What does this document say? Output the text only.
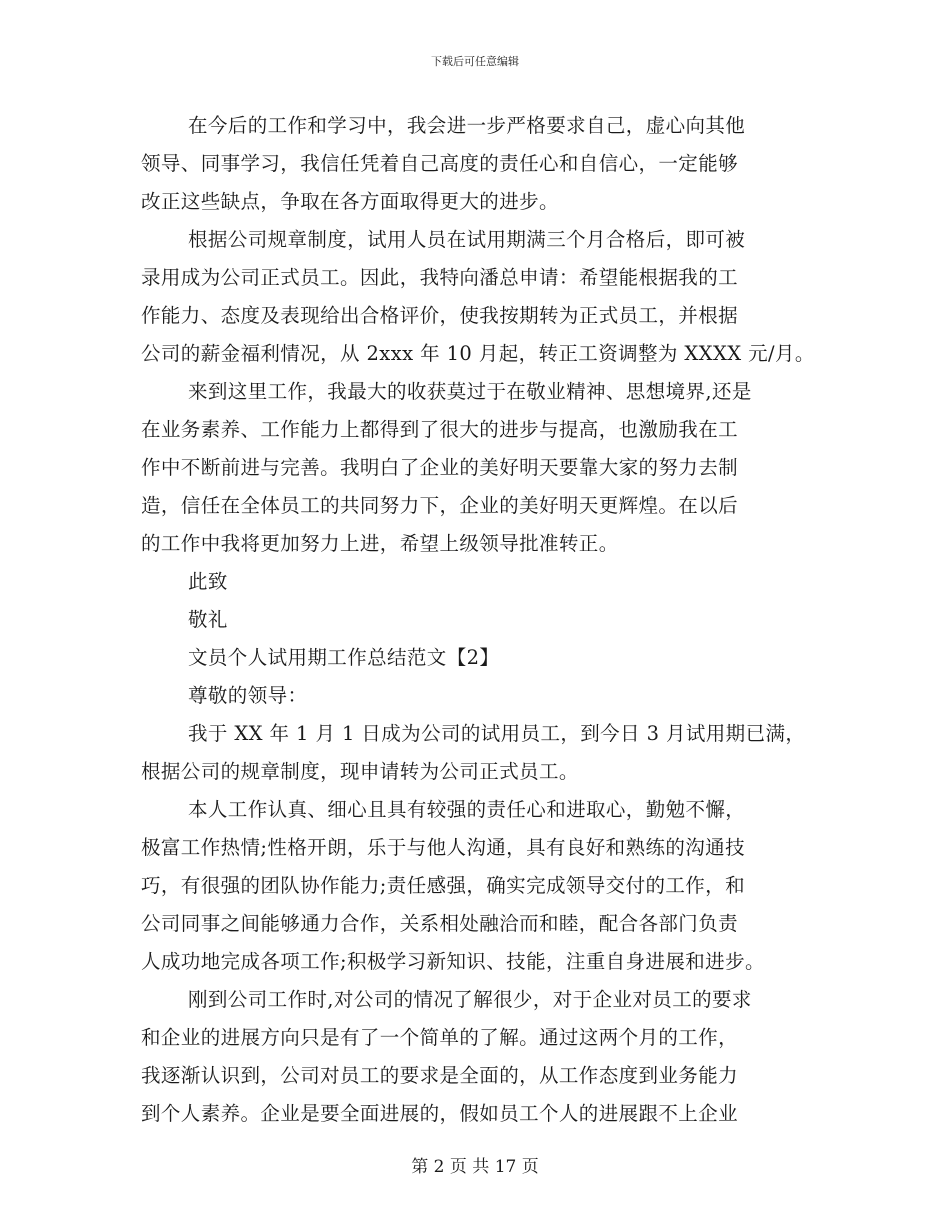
下载后可任意编辑
在今后的工作和学习中，我会进一步严格要求自己，虚心向其他
领导、同事学习，我信任凭着自己高度的责任心和自信心，一定能够
改正这些缺点，争取在各方面取得更大的进步。
根据公司规章制度，试用人员在试用期满三个月合格后，即可被
录用成为公司正式员工。因此，我特向潘总申请：希望能根据我的工
作能力、态度及表现给出合格评价，使我按期转为正式员工，并根据
公司的薪金福利情况，从 2xxx 年 10 月起，转正工资调整为 XXXX 元/月。
来到这里工作，我最大的收获莫过于在敬业精神、思想境界,还是
在业务素养、工作能力上都得到了很大的进步与提高，也激励我在工
作中不断前进与完善。我明白了企业的美好明天要靠大家的努力去制
造，信任在全体员工的共同努力下，企业的美好明天更辉煌。在以后
的工作中我将更加努力上进，希望上级领导批准转正。
此致
敬礼
文员个人试用期工作总结范文【2】
尊敬的领导：
我于 XX 年 1 月 1 日成为公司的试用员工，到今日 3 月试用期已满，
根据公司的规章制度，现申请转为公司正式员工。
本人工作认真、细心且具有较强的责任心和进取心，勤勉不懈，
极富工作热情;性格开朗，乐于与他人沟通，具有良好和熟练的沟通技
巧，有很强的团队协作能力;责任感强，确实完成领导交付的工作，和
公司同事之间能够通力合作，关系相处融洽而和睦，配合各部门负责
人成功地完成各项工作;积极学习新知识、技能，注重自身进展和进步。
刚到公司工作时,对公司的情况了解很少，对于企业对员工的要求
和企业的进展方向只是有了一个简单的了解。通过这两个月的工作，
我逐渐认识到，公司对员工的要求是全面的，从工作态度到业务能力
到个人素养。企业是要全面进展的，假如员工个人的进展跟不上企业
第 2 页 共 17 页
